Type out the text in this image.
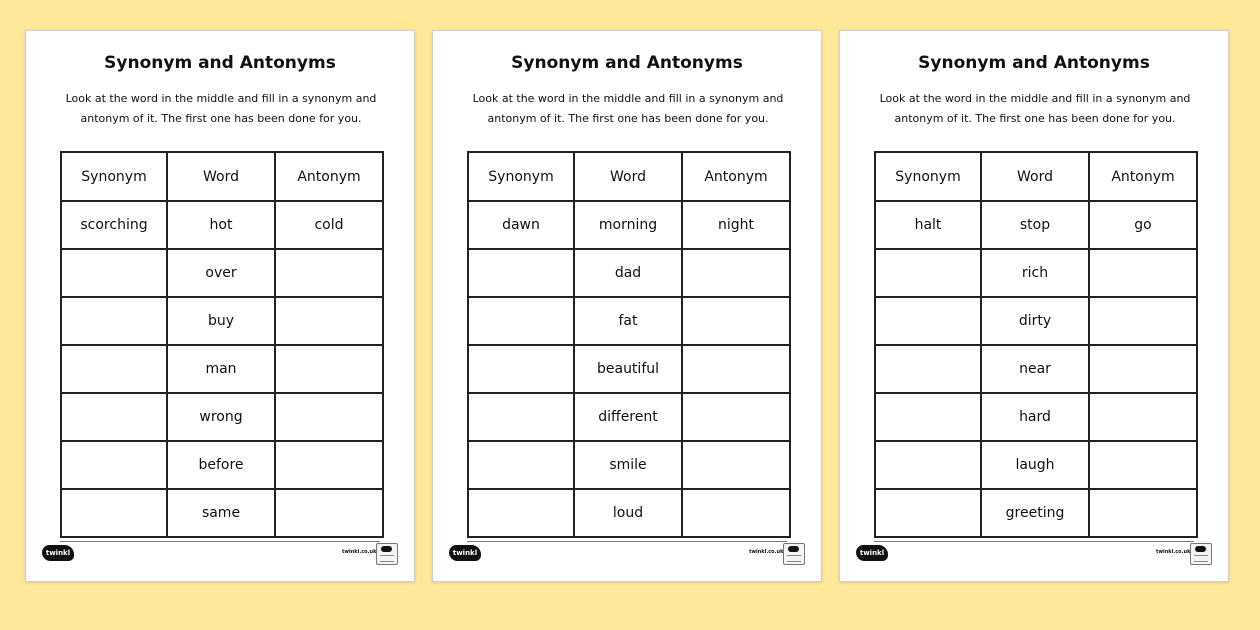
Synonym and Antonyms
Look at the word in the middle and fill in a synonym and antonym of it. The first one has been done for you.
Synonym	Word	Antonym
scorching	hot	cold
	over	
	buy	
	man	
	wrong	
	before	
	same	
twinkl	twinkl.co.uk
Synonym and Antonyms
Look at the word in the middle and fill in a synonym and antonym of it. The first one has been done for you.
Synonym	Word	Antonym
dawn	morning	night
	dad	
	fat	
	beautiful	
	different	
	smile	
	loud	
twinkl	twinkl.co.uk
Synonym and Antonyms
Look at the word in the middle and fill in a synonym and antonym of it. The first one has been done for you.
Synonym	Word	Antonym
halt	stop	go
	rich	
	dirty	
	near	
	hard	
	laugh	
	greeting	
twinkl	twinkl.co.uk
